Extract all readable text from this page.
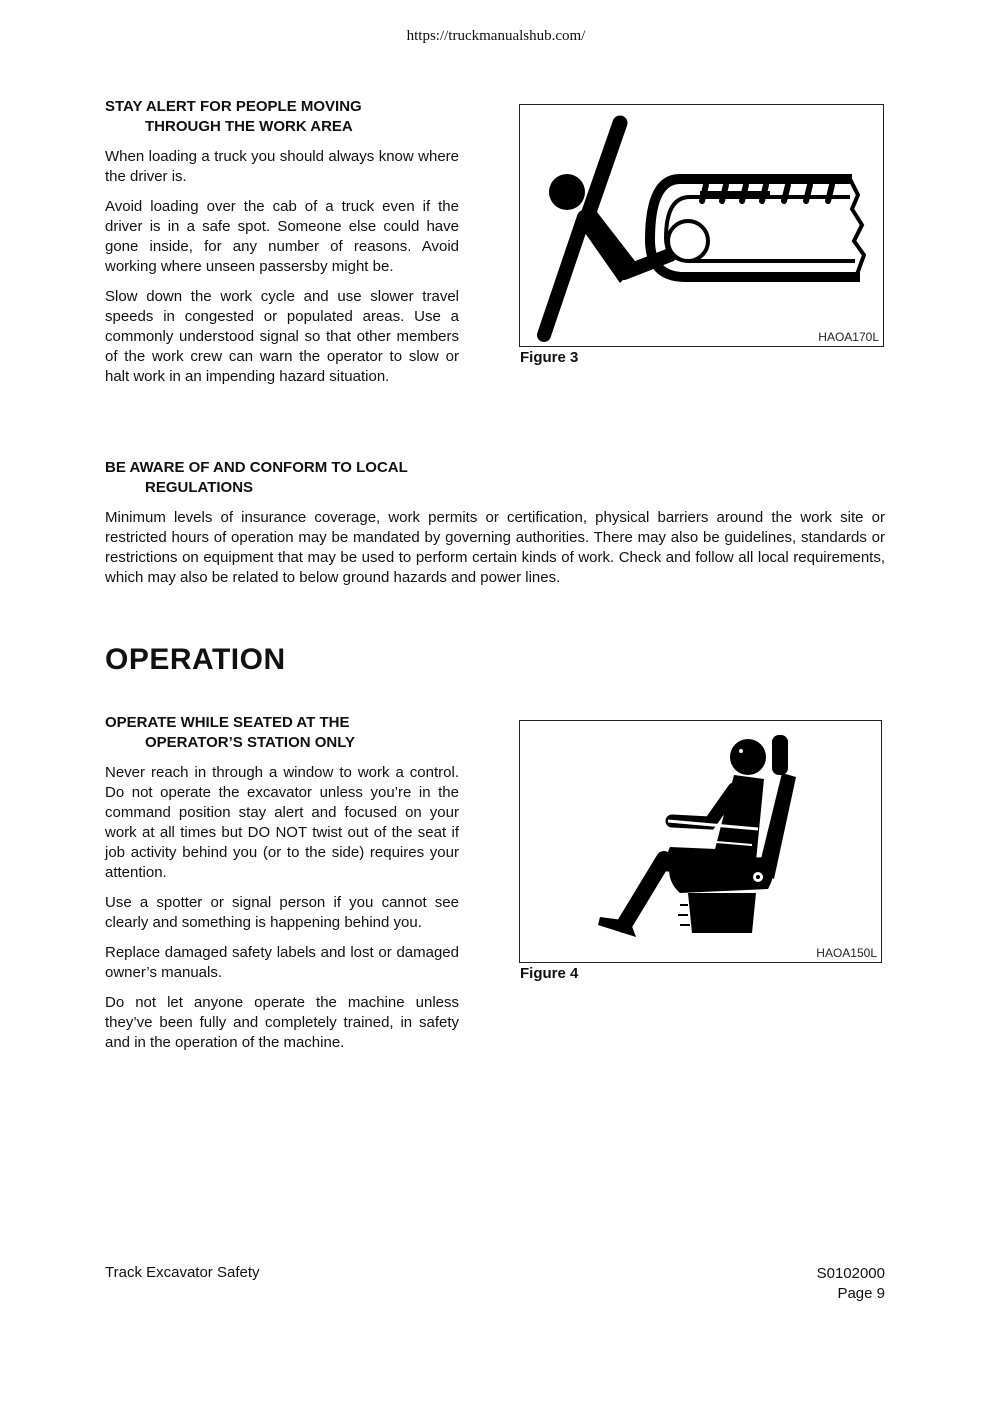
https://truckmanualshub.com/
STAY ALERT FOR PEOPLE MOVING
THROUGH THE WORK AREA

When loading a truck you should always know where the driver is.

Avoid loading over the cab of a truck even if the driver is in a safe spot. Someone else could have gone inside, for any number of reasons. Avoid working where unseen passersby might be.

Slow down the work cycle and use slower travel speeds in congested or populated areas. Use a commonly understood signal so that other members of the work crew can warn the operator to slow or halt work in an impending hazard situation.

HAOA170L
Figure 3
BE AWARE OF AND CONFORM TO LOCAL
REGULATIONS

Minimum levels of insurance coverage, work permits or certification, physical barriers around the work site or restricted hours of operation may be mandated by governing authorities. There may also be guidelines, standards or restrictions on equipment that may be used to perform certain kinds of work. Check and follow all local requirements, which may also be related to below ground hazards and power lines.

OPERATION
OPERATE WHILE SEATED AT THE
OPERATOR’S STATION ONLY

Never reach in through a window to work a control. Do not operate the excavator unless you’re in the command position stay alert and focused on your work at all times but DO NOT twist out of the seat if job activity behind you (or to the side) requires your attention.

Use a spotter or signal person if you cannot see clearly and something is happening behind you.

Replace damaged safety labels and lost or damaged owner’s manuals.

Do not let anyone operate the machine unless they’ve been fully and completely trained, in safety and in the operation of the machine.

HAOA150L
Figure 4
Track Excavator Safety	S0102000
Page 9
